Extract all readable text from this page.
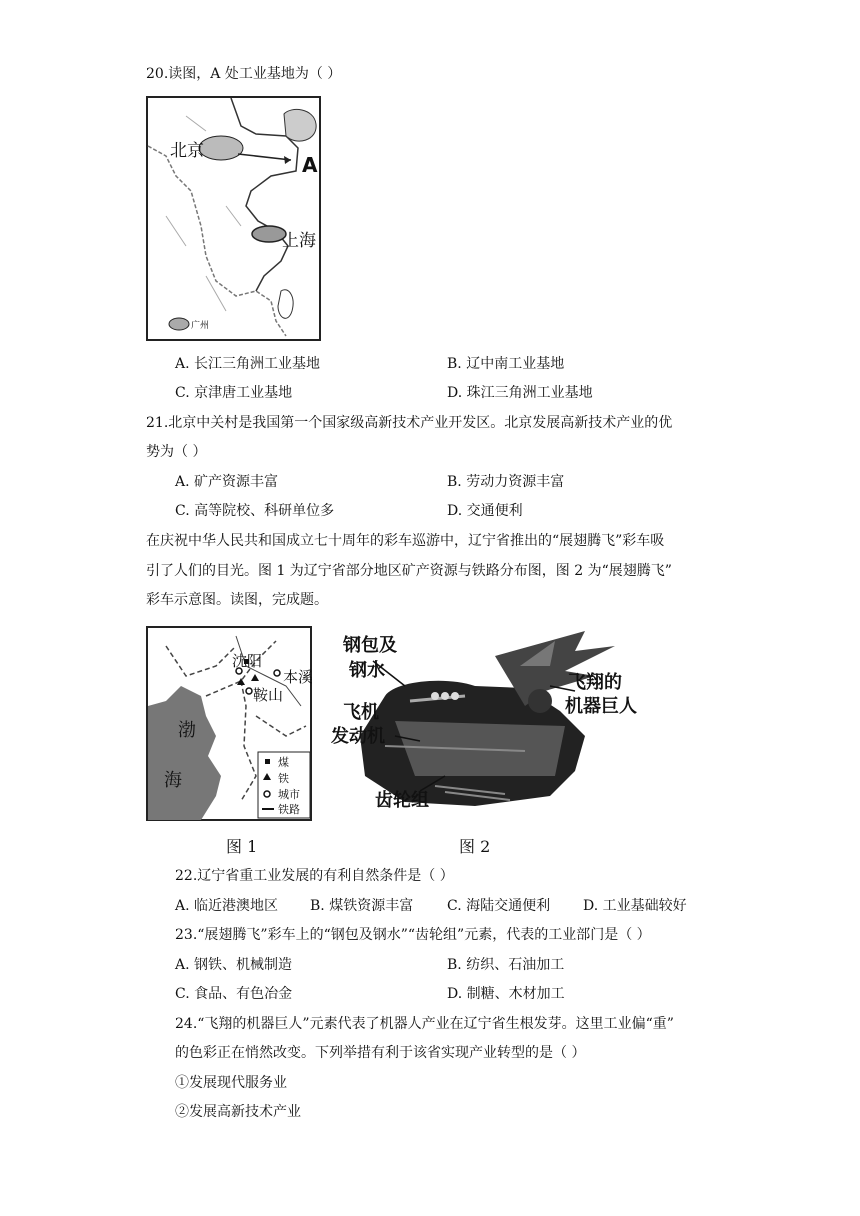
20.读图，A 处工业基地为（ ）
北京
A
上海
广州
A. 长江三角洲工业基地	B. 辽中南工业基地
C. 京津唐工业基地	D. 珠江三角洲工业基地
21.北京中关村是我国第一个国家级高新技术产业开发区。北京发展高新技术产业的优
势为（ ）
A. 矿产资源丰富	B. 劳动力资源丰富
C. 高等院校、科研单位多	D. 交通便利
在庆祝中华人民共和国成立七十周年的彩车巡游中，辽宁省推出的“展翅腾飞”彩车吸
引了人们的目光。图 1 为辽宁省部分地区矿产资源与铁路分布图，图 2 为“展翅腾飞”
彩车示意图。读图，完成题。
沈阳
本溪
鞍山
渤
海
煤
铁
城市
铁路
图 1
钢包及
钢水
飞翔的
机器巨人
飞机
发动机
齿轮组
图 2
22.辽宁省重工业发展的有利自然条件是（ ）
A. 临近港澳地区 B. 煤铁资源丰富 C. 海陆交通便利 D. 工业基础较好
23.“展翅腾飞”彩车上的“钢包及钢水”“齿轮组”元素，代表的工业部门是（ ）
A. 钢铁、机械制造	B. 纺织、石油加工
C. 食品、有色冶金	D. 制糖、木材加工
24.“飞翔的机器巨人”元素代表了机器人产业在辽宁省生根发芽。这里工业偏“重”
的色彩正在悄然改变。下列举措有利于该省实现产业转型的是（ ）
①发展现代服务业
②发展高新技术产业
